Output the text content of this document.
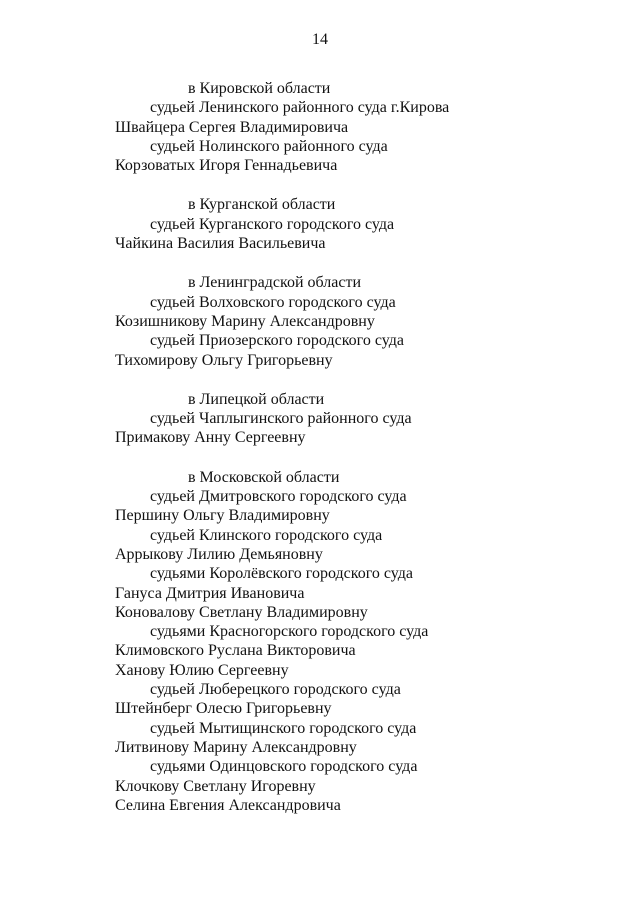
14
в Кировской области
судьей Ленинского районного суда г.Кирова
Швайцера Сергея Владимировича
судьей Нолинского районного суда
Корзоватых Игоря Геннадьевича
в Курганской области
судьей Курганского городского суда
Чайкина Василия Васильевича
в Ленинградской области
судьей Волховского городского суда
Козишникову Марину Александровну
судьей Приозерского городского суда
Тихомирову Ольгу Григорьевну
в Липецкой области
судьей Чаплыгинского районного суда
Примакову Анну Сергеевну
в Московской области
судьей Дмитровского городского суда
Першину Ольгу Владимировну
судьей Клинского городского суда
Аррыкову Лилию Демьяновну
судьями Королёвского городского суда
Гануса Дмитрия Ивановича
Коновалову Светлану Владимировну
судьями Красногорского городского суда
Климовского Руслана Викторовича
Ханову Юлию Сергеевну
судьей Люберецкого городского суда
Штейнберг Олесю Григорьевну
судьей Мытищинского городского суда
Литвинову Марину Александровну
судьями Одинцовского городского суда
Клочкову Светлану Игоревну
Селина Евгения Александровича
